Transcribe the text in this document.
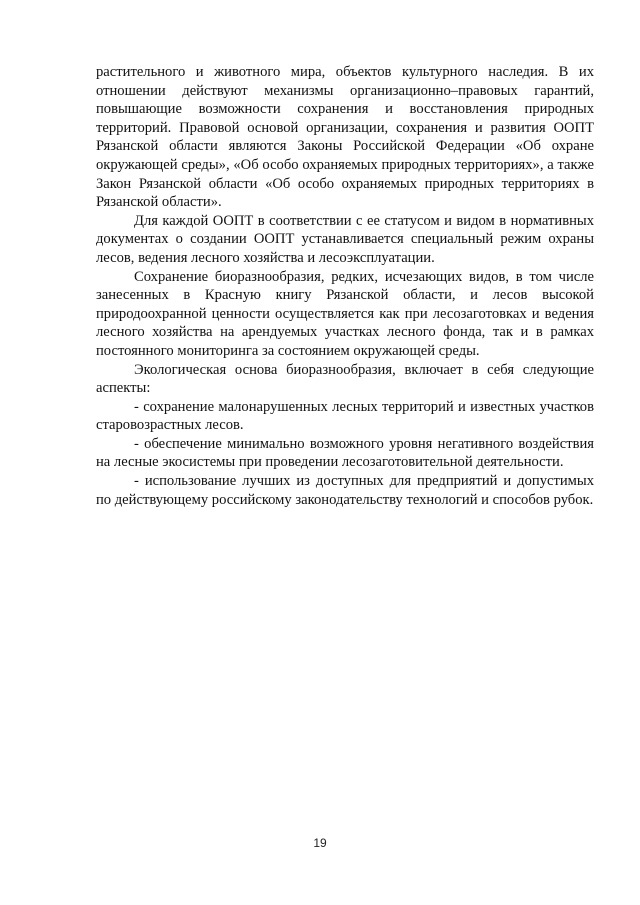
растительного и животного мира, объектов культурного наследия. В их отношении действуют механизмы организационно–правовых гарантий, повышающие возможности сохранения и восстановления природных территорий. Правовой основой организации, сохранения и развития ООПТ Рязанской области являются Законы Российской Федерации «Об охране окружающей среды», «Об особо охраняемых природных территориях», а также Закон Рязанской области «Об особо охраняемых природных территориях в Рязанской области».

Для каждой ООПТ в соответствии с ее статусом и видом в нормативных документах о создании ООПТ устанавливается специальный режим охраны лесов, ведения лесного хозяйства и лесоэксплуатации.

Сохранение биоразнообразия, редких, исчезающих видов, в том числе занесенных в Красную книгу Рязанской области, и лесов высокой природоохранной ценности осуществляется как при лесозаготовках и ведения лесного хозяйства на арендуемых участках лесного фонда, так и в рамках постоянного мониторинга за состоянием окружающей среды.

Экологическая основа биоразнообразия, включает в себя следующие аспекты:

- сохранение малонарушенных лесных территорий и известных участков старовозрастных лесов.

- обеспечение минимально возможного уровня негативного воздействия на лесные экосистемы при проведении лесозаготовительной деятельности.

- использование лучших из доступных для предприятий и допустимых по действующему российскому законодательству технологий и способов рубок.

19
